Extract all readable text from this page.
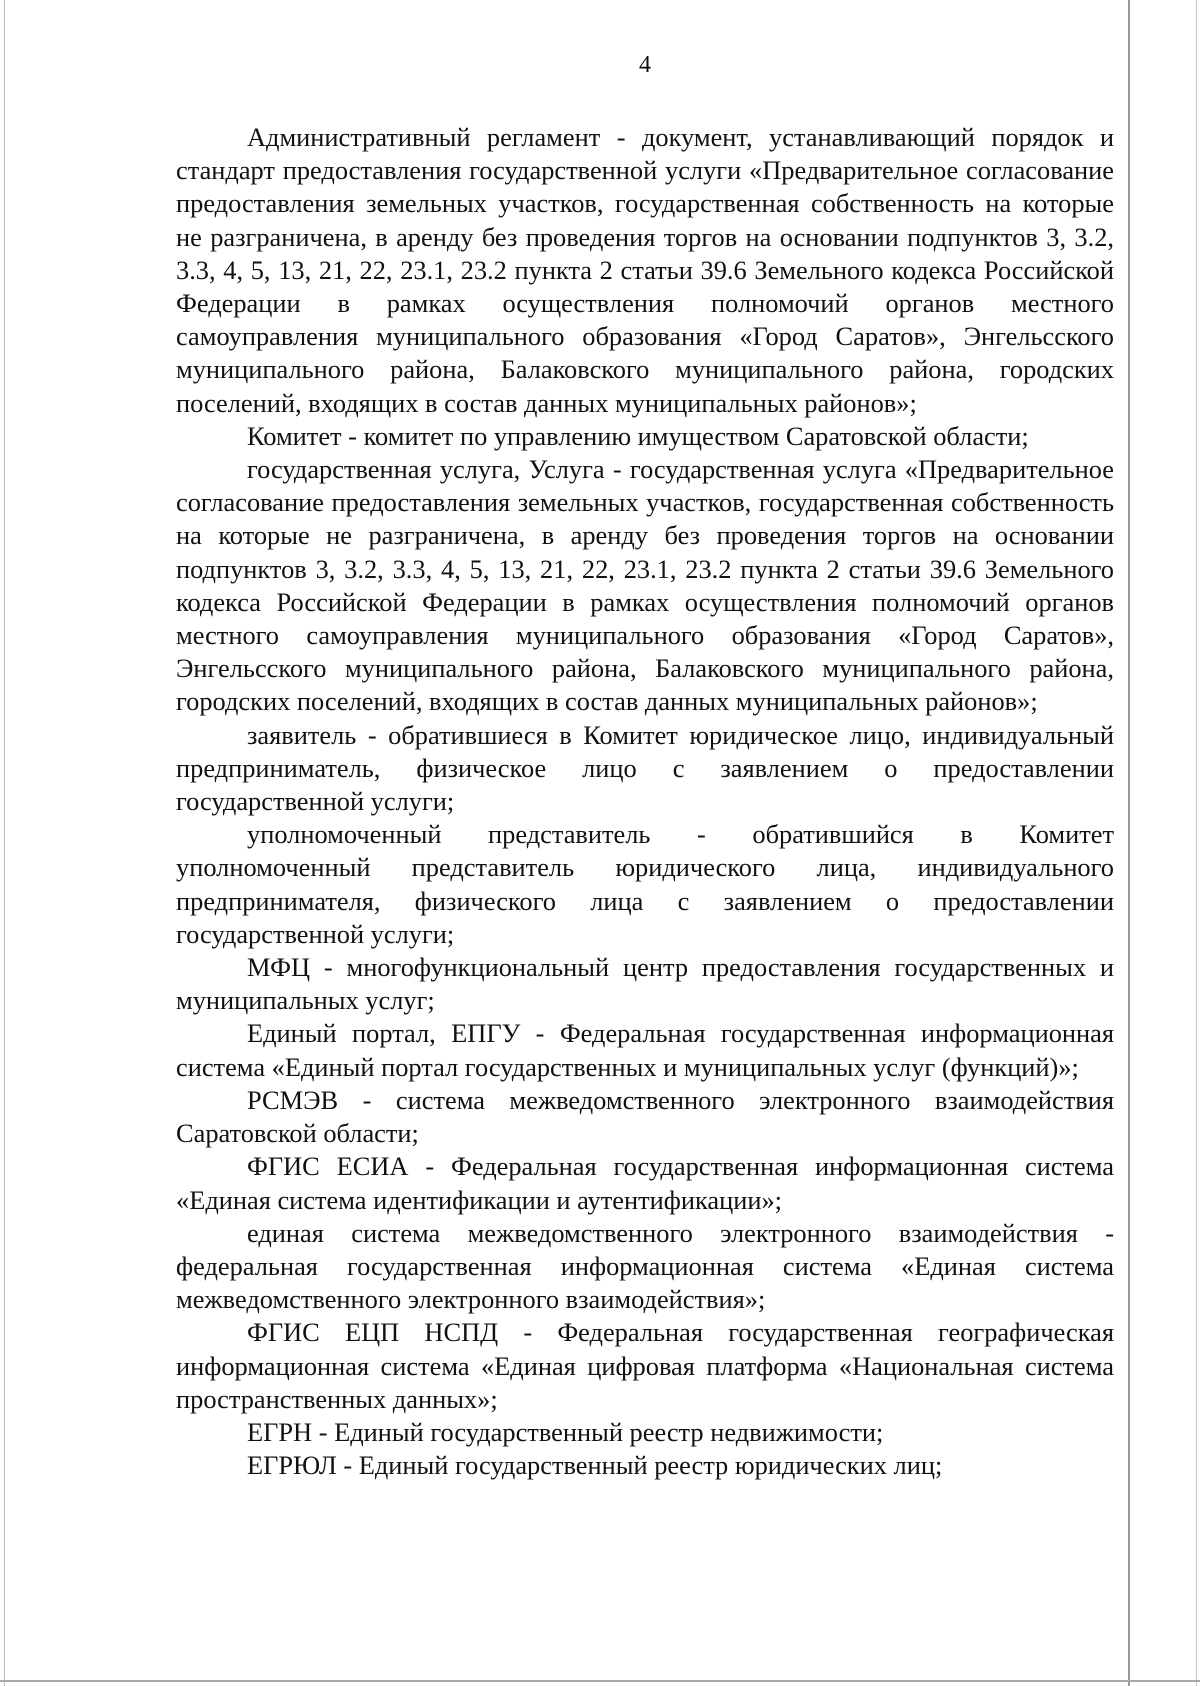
4

Административный регламент - документ, устанавливающий порядок и стандарт предоставления государственной услуги «Предварительное согласование предоставления земельных участков, государственная собственность на которые не разграничена, в аренду без проведения торгов на основании подпунктов 3, 3.2, 3.3, 4, 5, 13, 21, 22, 23.1, 23.2 пункта 2 статьи 39.6 Земельного кодекса Российской Федерации в рамках осуществления полномочий органов местного самоуправления муниципального образования «Город Саратов», Энгельсского муниципального района, Балаковского муниципального района, городских поселений, входящих в состав данных муниципальных районов»;

Комитет - комитет по управлению имуществом Саратовской области;

государственная услуга, Услуга - государственная услуга «Предварительное согласование предоставления земельных участков, государственная собственность на которые не разграничена, в аренду без проведения торгов на основании подпунктов 3, 3.2, 3.3, 4, 5, 13, 21, 22, 23.1, 23.2 пункта 2 статьи 39.6 Земельного кодекса Российской Федерации в рамках осуществления полномочий органов местного самоуправления муниципального образования «Город Саратов», Энгельсского муниципального района, Балаковского муниципального района, городских поселений, входящих в состав данных муниципальных районов»;

заявитель - обратившиеся в Комитет юридическое лицо, индивидуальный предприниматель, физическое лицо с заявлением о предоставлении государственной услуги;

уполномоченный представитель - обратившийся в Комитет уполномоченный представитель юридического лица, индивидуального предпринимателя, физического лица с заявлением о предоставлении государственной услуги;

МФЦ - многофункциональный центр предоставления государственных и муниципальных услуг;

Единый портал, ЕПГУ - Федеральная государственная информационная система «Единый портал государственных и муниципальных услуг (функций)»;

РСМЭВ - система межведомственного электронного взаимодействия Саратовской области;

ФГИС ЕСИА - Федеральная государственная информационная система «Единая система идентификации и аутентификации»;

единая система межведомственного электронного взаимодействия - федеральная государственная информационная система «Единая система межведомственного электронного взаимодействия»;

ФГИС ЕЦП НСПД - Федеральная государственная географическая информационная система «Единая цифровая платформа «Национальная система пространственных данных»;

ЕГРН - Единый государственный реестр недвижимости;

ЕГРЮЛ - Единый государственный реестр юридических лиц;
